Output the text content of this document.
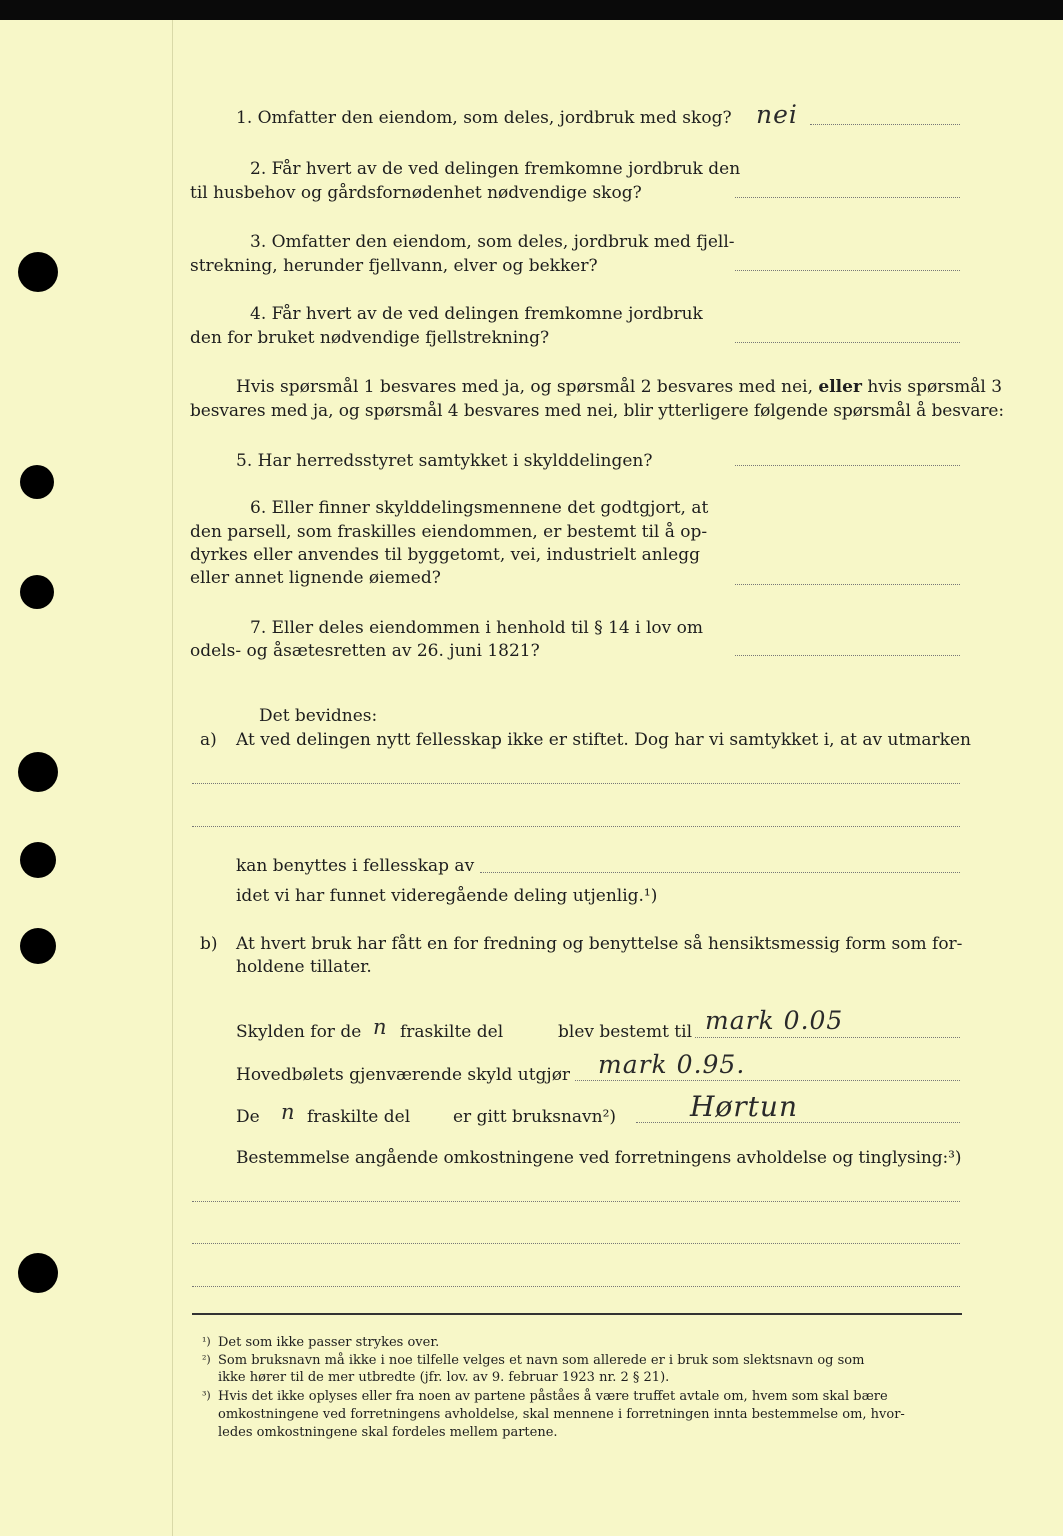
1. Omfatter den eiendom, som deles, jordbruk med skog? nei
2. Får hvert av de ved delingen fremkomne jordbruk den
til husbehov og gårdsfornødenhet nødvendige skog?
3. Omfatter den eiendom, som deles, jordbruk med fjell-
strekning, herunder fjellvann, elver og bekker?
4. Får hvert av de ved delingen fremkomne jordbruk
den for bruket nødvendige fjellstrekning?
Hvis spørsmål 1 besvares med ja, og spørsmål 2 besvares med nei, eller hvis spørsmål 3
besvares med ja, og spørsmål 4 besvares med nei, blir ytterligere følgende spørsmål å besvare:
5. Har herredsstyret samtykket i skylddelingen?
6. Eller finner skylddelingsmennene det godtgjort, at
den parsell, som fraskilles eiendommen, er bestemt til å op-
dyrkes eller anvendes til byggetomt, vei, industrielt anlegg
eller annet lignende øiemed?
7. Eller deles eiendommen i henhold til § 14 i lov om
odels- og åsætesretten av 26. juni 1821?
Det bevidnes:
a) At ved delingen nytt fellesskap ikke er stiftet. Dog har vi samtykket i, at av utmarken
kan benyttes i fellesskap av
idet vi har funnet videregående deling utjenlig.¹)
b) At hvert bruk har fått en for fredning og benyttelse så hensiktsmessig form som for-
holdene tillater.
Skylden for de n fraskilte del	blev bestemt til mark 0.05
Hovedbølets gjenværende skyld utgjør mark 0.95.
De n fraskilte del	er gitt bruksnavn²)	Hørtun
Bestemmelse angående omkostningene ved forretningens avholdelse og tinglysing:³)
¹) Det som ikke passer strykes over.
²) Som bruksnavn må ikke i noe tilfelle velges et navn som allerede er i bruk som slektsnavn og som
ikke hører til de mer utbredte (jfr. lov. av 9. februar 1923 nr. 2 § 21).
³) Hvis det ikke oplyses eller fra noen av partene påståes å være truffet avtale om, hvem som skal bære
omkostningene ved forretningens avholdelse, skal mennene i forretningen innta bestemmelse om, hvor-
ledes omkostningene skal fordeles mellem partene.
